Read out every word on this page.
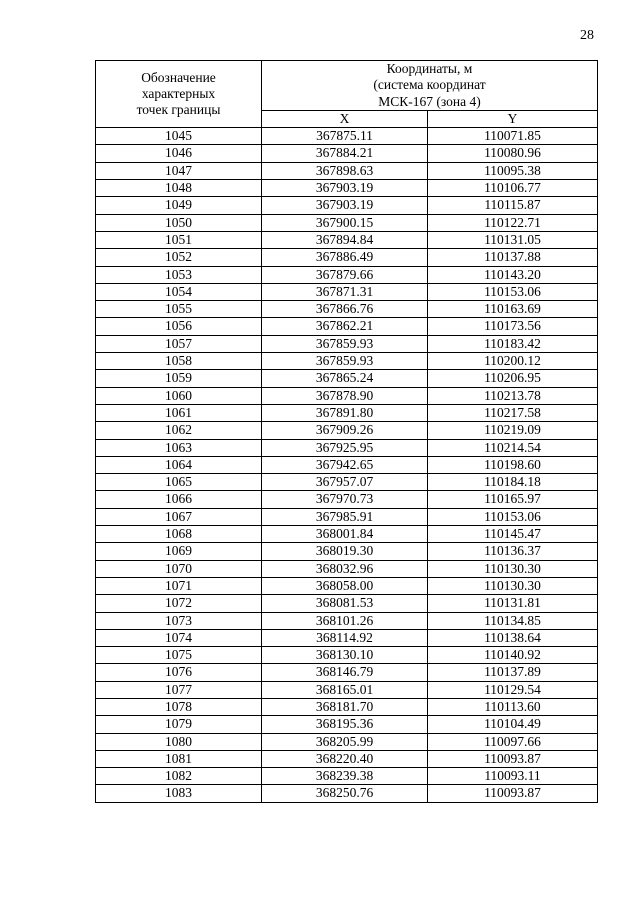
28
Обозначение
характерных
точек границы	Координаты, м
(система координат
МСК-167 (зона 4)	

	X	Y
1045	367875.11	110071.85
1046	367884.21	110080.96
1047	367898.63	110095.38
1048	367903.19	110106.77
1049	367903.19	110115.87
1050	367900.15	110122.71
1051	367894.84	110131.05
1052	367886.49	110137.88
1053	367879.66	110143.20
1054	367871.31	110153.06
1055	367866.76	110163.69
1056	367862.21	110173.56
1057	367859.93	110183.42
1058	367859.93	110200.12
1059	367865.24	110206.95
1060	367878.90	110213.78
1061	367891.80	110217.58
1062	367909.26	110219.09
1063	367925.95	110214.54
1064	367942.65	110198.60
1065	367957.07	110184.18
1066	367970.73	110165.97
1067	367985.91	110153.06
1068	368001.84	110145.47
1069	368019.30	110136.37
1070	368032.96	110130.30
1071	368058.00	110130.30
1072	368081.53	110131.81
1073	368101.26	110134.85
1074	368114.92	110138.64
1075	368130.10	110140.92
1076	368146.79	110137.89
1077	368165.01	110129.54
1078	368181.70	110113.60
1079	368195.36	110104.49
1080	368205.99	110097.66
1081	368220.40	110093.87
1082	368239.38	110093.11
1083	368250.76	110093.87
